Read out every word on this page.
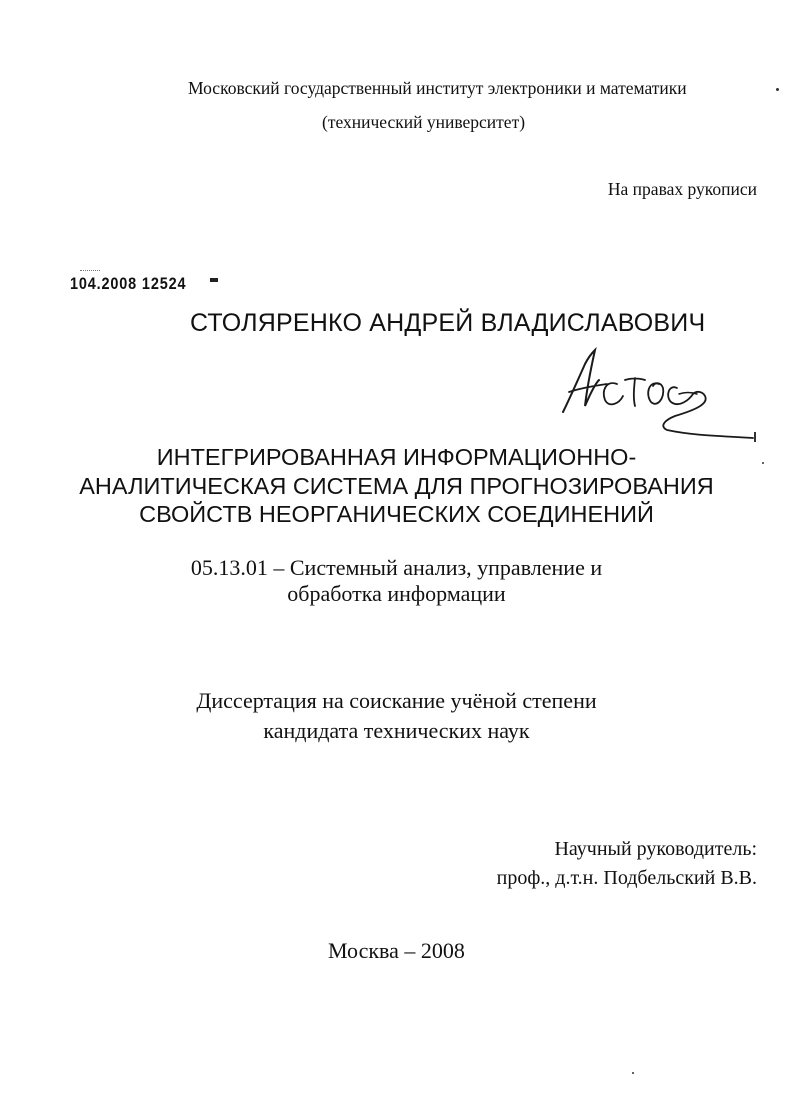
Московский государственный институт электроники и математики
(технический университет)
На правах рукописи
104.2008 12524
СТОЛЯРЕНКО АНДРЕЙ ВЛАДИСЛАВОВИЧ
ИНТЕГРИРОВАННАЯ ИНФОРМАЦИОННО-
АНАЛИТИЧЕСКАЯ СИСТЕМА ДЛЯ ПРОГНОЗИРОВАНИЯ
СВОЙСТВ НЕОРГАНИЧЕСКИХ СОЕДИНЕНИЙ
05.13.01 – Системный анализ, управление и
обработка информации
Диссертация на соискание учёной степени
кандидата технических наук
Научный руководитель:
проф., д.т.н. Подбельский В.В.
Москва – 2008
